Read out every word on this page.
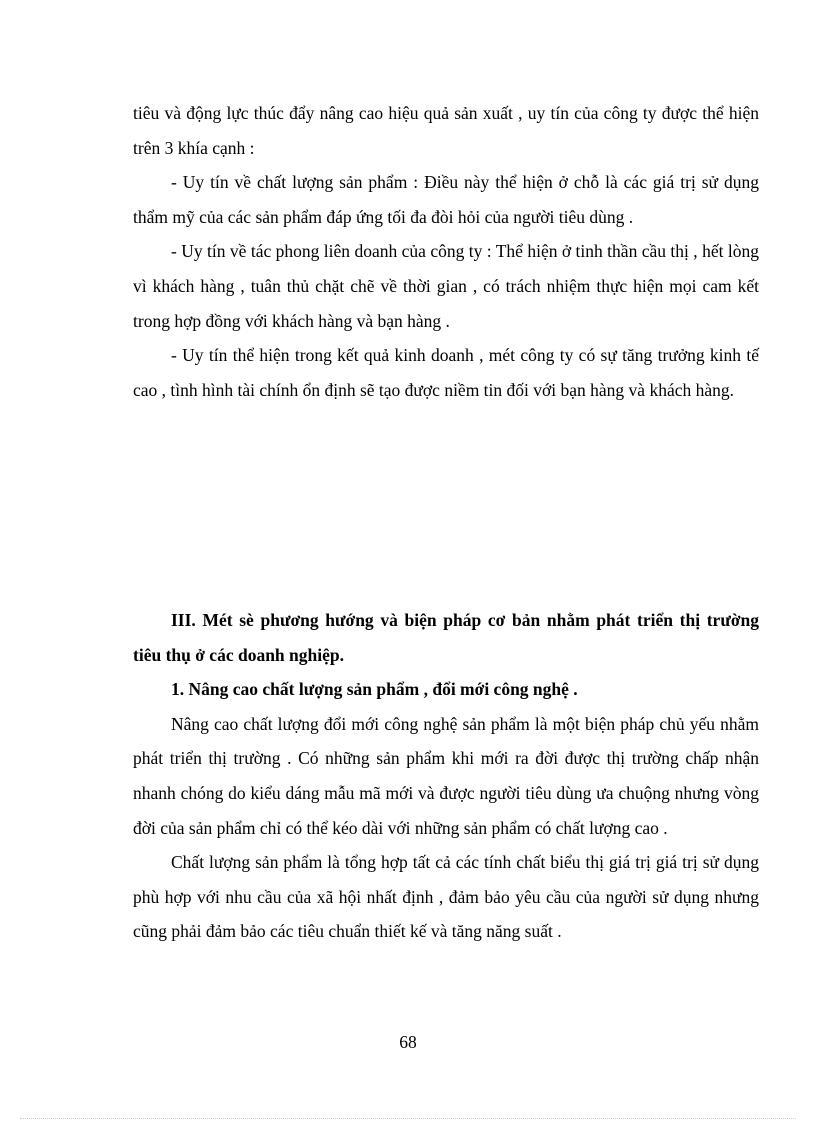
tiêu và động lực thúc đẩy nâng cao hiệu quả sản xuất , uy tín của công ty được thể hiện trên 3 khía cạnh :

- Uy tín về chất lượng sản phẩm : Điều này thể hiện ở chỗ là các giá trị sử dụng thẩm mỹ của các sản phẩm đáp ứng tối đa đòi hỏi của người tiêu dùng .

- Uy tín về tác phong liên doanh của công ty : Thể hiện ở tinh thần cầu thị , hết lòng vì khách hàng , tuân thủ chặt chẽ về thời gian , có trách nhiệm thực hiện mọi cam kết trong hợp đồng với khách hàng và bạn hàng .

- Uy tín thể hiện trong kết quả kinh doanh , mét công ty có sự tăng trưởng kinh tế cao , tình hình tài chính ổn định sẽ tạo được niềm tin đối với bạn hàng và khách hàng.

III. Mét sè phương hướng và biện pháp cơ bản nhằm phát triển thị trường tiêu thụ ở các doanh nghiệp.

1. Nâng cao chất lượng sản phẩm , đổi mới công nghệ .

Nâng cao chất lượng đổi mới công nghệ sản phẩm là một biện pháp chủ yếu nhằm phát triển thị trường . Có những sản phẩm khi mới ra đời được thị trường chấp nhận nhanh chóng do kiểu dáng mẫu mã mới và được người tiêu dùng ưa chuộng nhưng vòng đời của sản phẩm chỉ có thể kéo dài với những sản phẩm có chất lượng cao .

Chất lượng sản phẩm là tổng hợp tất cả các tính chất biểu thị giá trị giá trị sử dụng phù hợp với nhu cầu của xã hội nhất định , đảm bảo yêu cầu của người sử dụng nhưng cũng phải đảm bảo các tiêu chuẩn thiết kế và tăng năng suất .

68
